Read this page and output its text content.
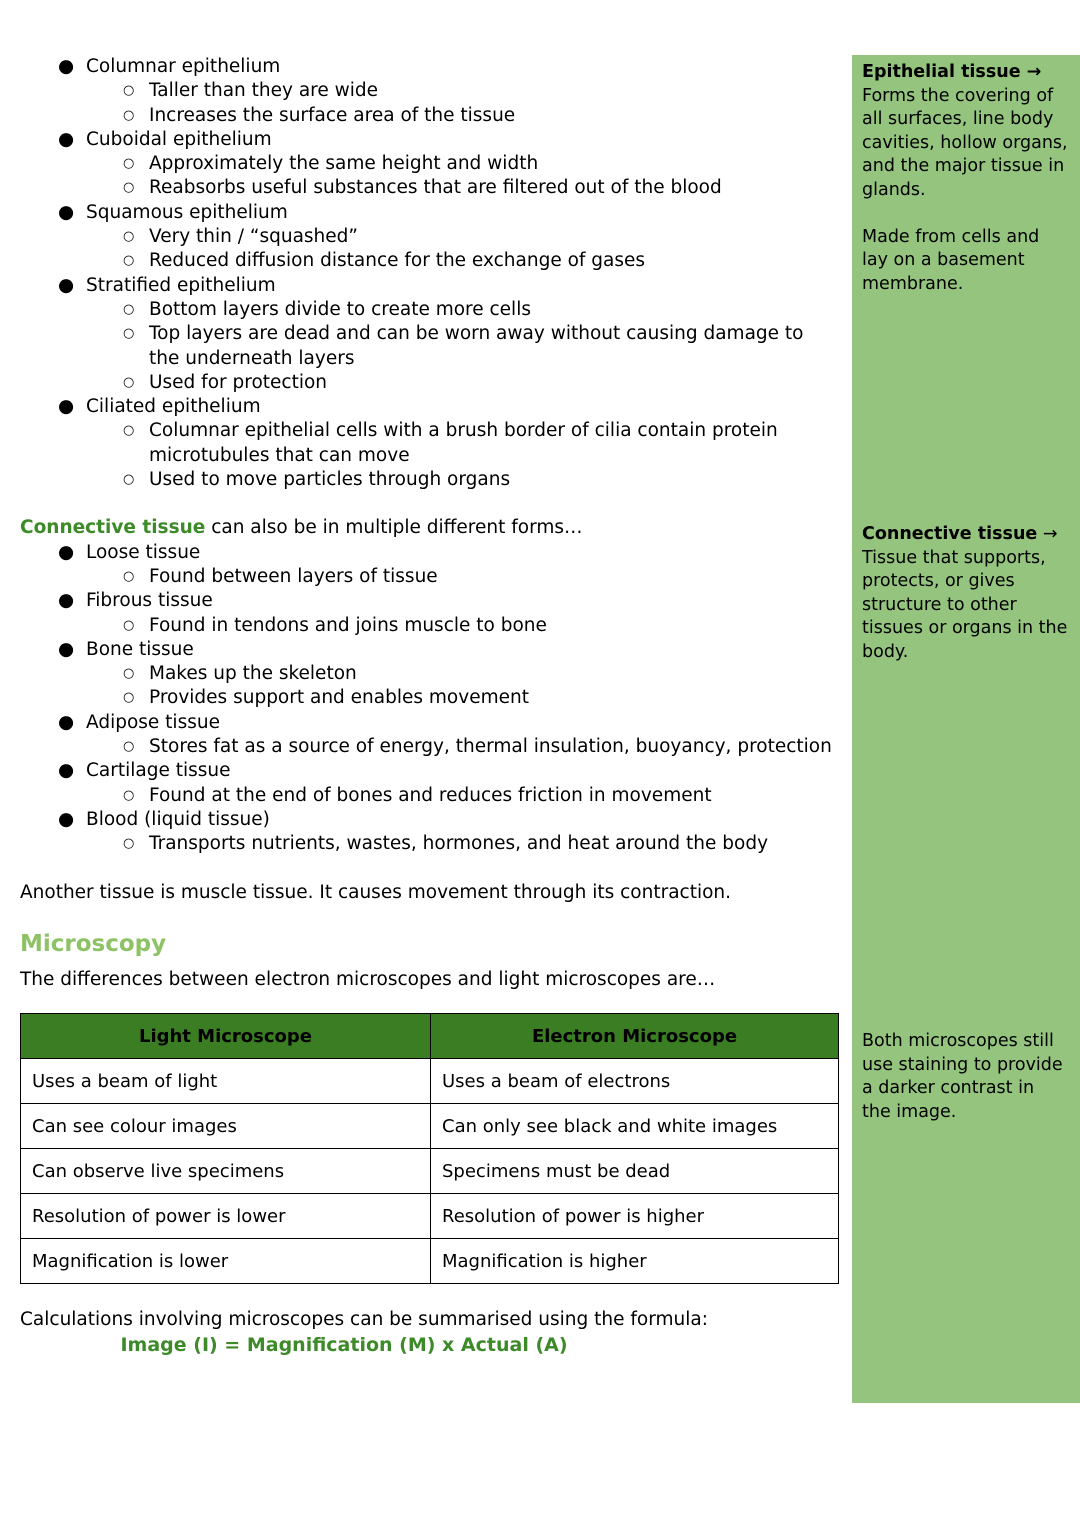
Epithelial tissue → Forms the covering of all surfaces, line body cavities, hollow organs, and the major tissue in glands.
Made from cells and lay on a basement membrane.
Connective tissue → Tissue that supports, protects, or gives structure to other tissues or organs in the body.
Both microscopes still use staining to provide a darker contrast in the image.
● Columnar epithelium
○ Taller than they are wide
○ Increases the surface area of the tissue
● Cuboidal epithelium
○ Approximately the same height and width
○ Reabsorbs useful substances that are filtered out of the blood
● Squamous epithelium
○ Very thin / “squashed”
○ Reduced diffusion distance for the exchange of gases
● Stratified epithelium
○ Bottom layers divide to create more cells
○ Top layers are dead and can be worn away without causing damage to the underneath layers
○ Used for protection
● Ciliated epithelium
○ Columnar epithelial cells with a brush border of cilia contain protein microtubules that can move
○ Used to move particles through organs

Connective tissue can also be in multiple different forms…

● Loose tissue
○ Found between layers of tissue
● Fibrous tissue
○ Found in tendons and joins muscle to bone
● Bone tissue
○ Makes up the skeleton
○ Provides support and enables movement
● Adipose tissue
○ Stores fat as a source of energy, thermal insulation, buoyancy, protection
● Cartilage tissue
○ Found at the end of bones and reduces friction in movement
● Blood (liquid tissue)
○ Transports nutrients, wastes, hormones, and heat around the body

Another tissue is muscle tissue. It causes movement through its contraction.

Microscopy

The differences between electron microscopes and light microscopes are…

Light Microscope	Electron Microscope
Uses a beam of light	Uses a beam of electrons
Can see colour images	Can only see black and white images
Can observe live specimens	Specimens must be dead
Resolution of power is lower	Resolution of power is higher
Magnification is lower	Magnification is higher

Calculations involving microscopes can be summarised using the formula:

Image (I) = Magnification (M) x Actual (A)
